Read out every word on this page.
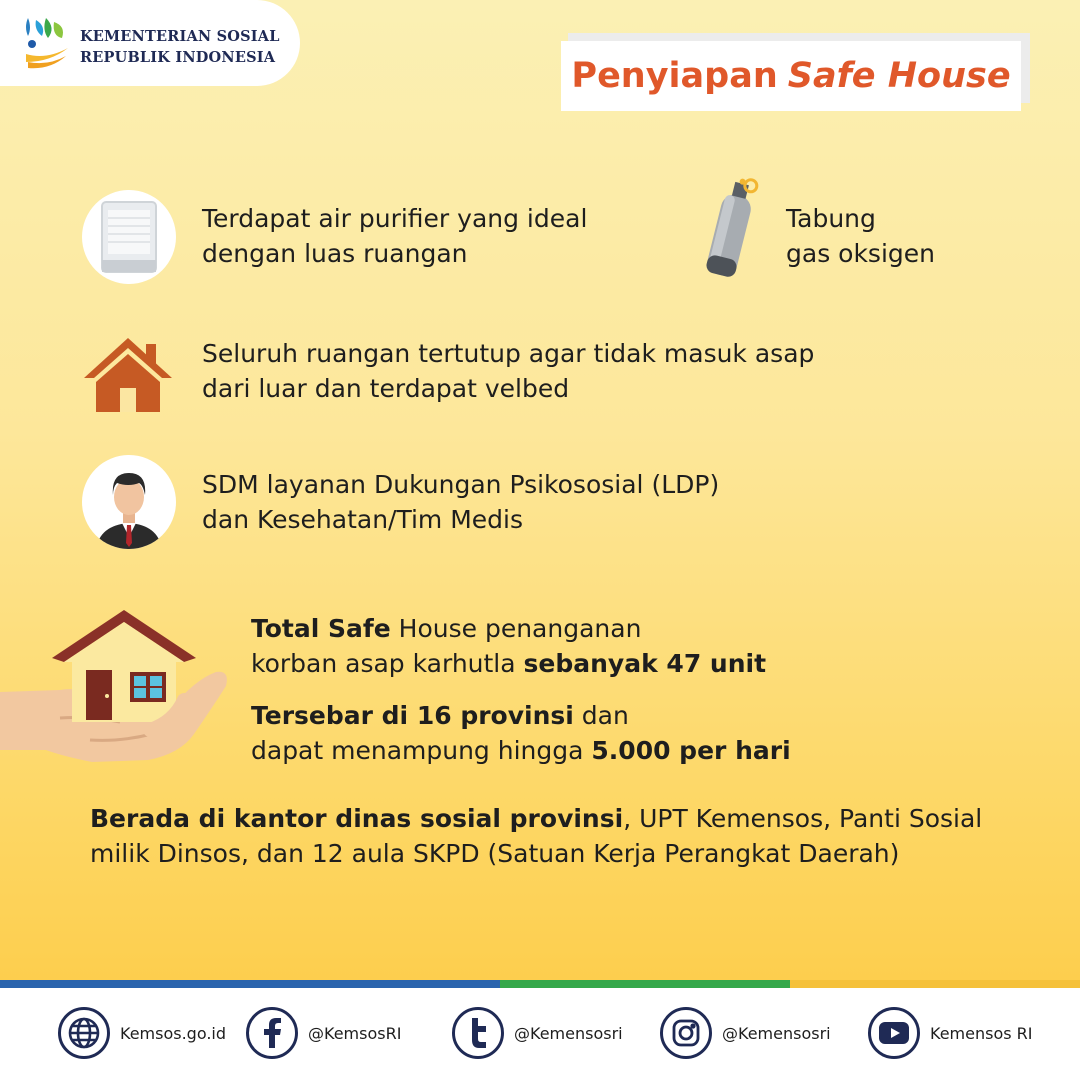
KEMENTERIAN SOSIAL
REPUBLIK INDONESIA	Penyiapan Safe House
Terdapat air purifier yang ideal
dengan luas ruangan
Tabung
gas oksigen
Seluruh ruangan tertutup agar tidak masuk asap
dari luar dan terdapat velbed
SDM layanan Dukungan Psikososial (LDP)
dan Kesehatan/Tim Medis
Total Safe House penanganan
korban asap karhutla sebanyak 47 unit
Tersebar di 16 provinsi dan
dapat menampung hingga 5.000 per hari
Berada di kantor dinas sosial provinsi, UPT Kemensos, Panti Sosial
milik Dinsos, dan 12 aula SKPD (Satuan Kerja Perangkat Daerah)
Kemsos.go.id	@KemsosRI	@Kemensosri	@Kemensosri	Kemensos RI
